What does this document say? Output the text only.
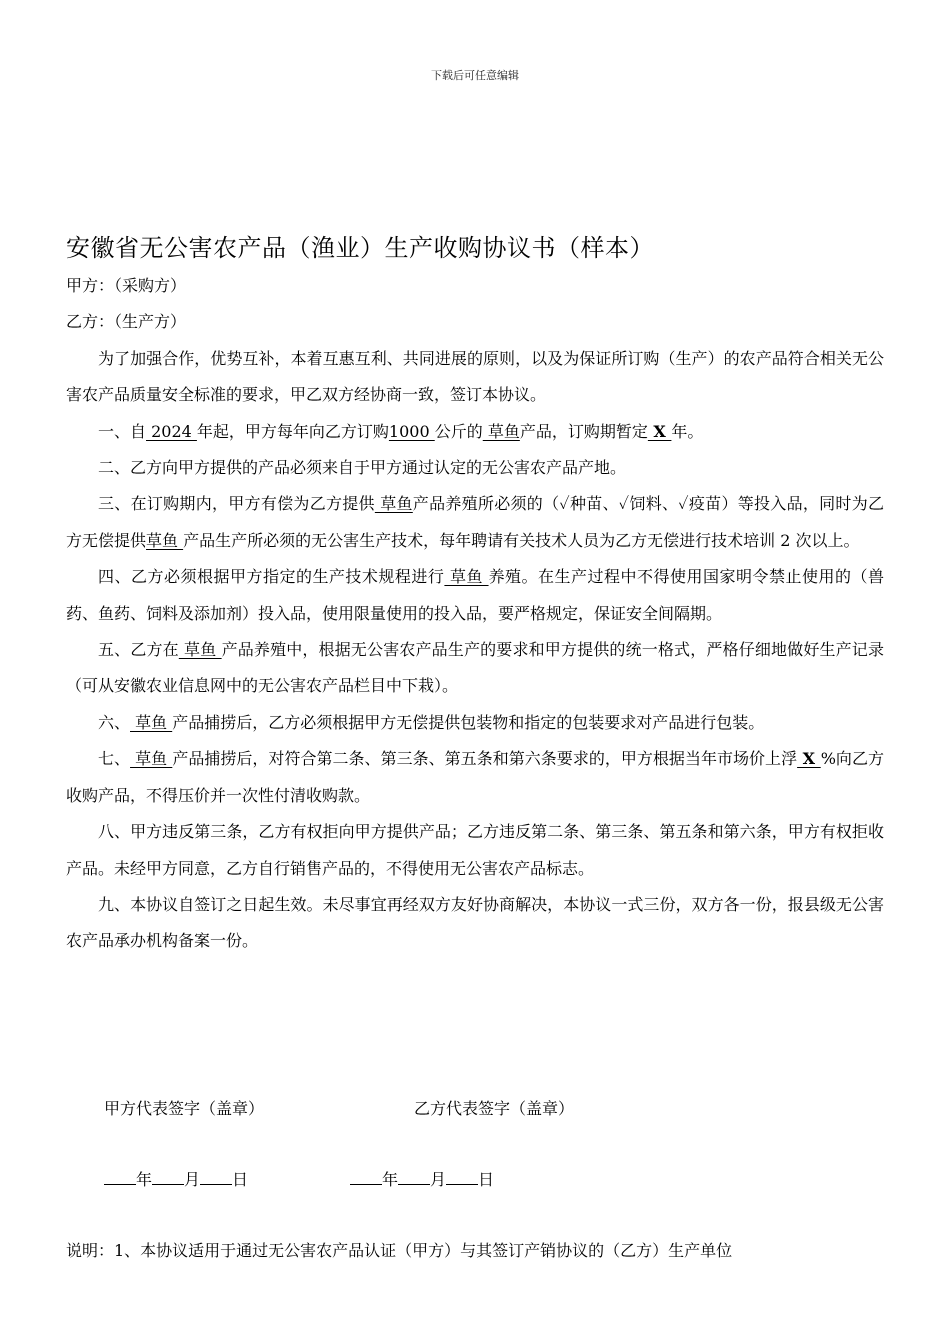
下载后可任意编辑
安徽省无公害农产品（渔业）生产收购协议书（样本）

甲方：（采购方）

乙方：（生产方）

为了加强合作，优势互补，本着互惠互利、共同进展的原则，以及为保证所订购（生产）的农产品符合相关无公害农产品质量安全标准的要求，甲乙双方经协商一致，签订本协议。

一、自 2024 年起，甲方每年向乙方订购1000 公斤的 草鱼产品，订购期暂定 X 年。

二、乙方向甲方提供的产品必须来自于甲方通过认定的无公害农产品产地。

三、在订购期内，甲方有偿为乙方提供 草鱼产品养殖所必须的（✓种苗、✓饲料、✓疫苗）等投入品，同时为乙方无偿提供草鱼 产品生产所必须的无公害生产技术，每年聘请有关技术人员为乙方无偿进行技术培训 2 次以上。

四、乙方必须根据甲方指定的生产技术规程进行 草鱼 养殖。在生产过程中不得使用国家明令禁止使用的（兽药、鱼药、饲料及添加剂）投入品，使用限量使用的投入品，要严格规定，保证安全间隔期。

五、乙方在 草鱼 产品养殖中，根据无公害农产品生产的要求和甲方提供的统一格式，严格仔细地做好生产记录（可从安徽农业信息网中的无公害农产品栏目中下栽）。

六、 草鱼 产品捕捞后，乙方必须根据甲方无偿提供包装物和指定的包装要求对产品进行包装。

七、 草鱼 产品捕捞后，对符合第二条、第三条、第五条和第六条要求的，甲方根据当年市场价上浮 X %向乙方收购产品，不得压价并一次性付清收购款。

八、甲方违反第三条，乙方有权拒向甲方提供产品；乙方违反第二条、第三条、第五条和第六条，甲方有权拒收产品。未经甲方同意，乙方自行销售产品的，不得使用无公害农产品标志。

九、本协议自签订之日起生效。未尽事宜再经双方友好协商解决，本协议一式三份，双方各一份，报县级无公害农产品承办机构备案一份。

甲方代表签字（盖章）	乙方代表签字（盖章）
年 月 日	年 月 日
说明：1、本协议适用于通过无公害农产品认证（甲方）与其签订产销协议的（乙方）生产单位
